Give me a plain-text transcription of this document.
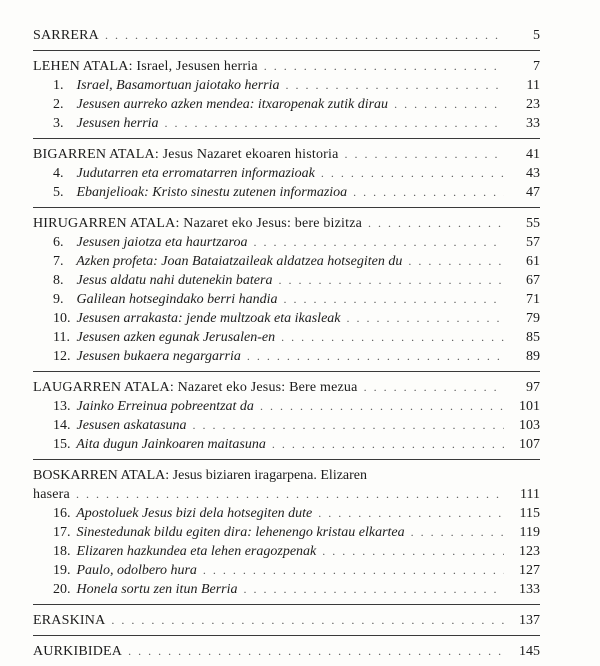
SARRERA . . .	5
LEHEN ATALA: Israel, Jesusen herria . . .	7
1. Israel, Basamortuan jaiotako herria . . .	11
2. Jesusen aurreko azken mendea: itxaropenak zutik dirau . . .	23
3. Jesusen herria . . .	33
BIGARREN ATALA: Jesus Nazaret ekoaren historia . . .	41
4. Judutarren eta erromatarren informazioak . . .	43
5. Ebanjelioak: Kristo sinestu zutenen informazioa . . .	47
HIRUGARREN ATALA: Nazaret eko Jesus: bere bizitza . . .	55
6. Jesusen jaiotza eta haurtzaroa . . .	57
7. Azken profeta: Joan Bataiatzaileak aldatzea hotsegiten du . . .	61
8. Jesus aldatu nahi dutenekin batera . . .	67
9. Galilean hotsegindako berri handia . . .	71
10. Jesusen arrakasta: jende multzoak eta ikasleak . . .	79
11. Jesusen azken egunak Jerusalen-en . . .	85
12. Jesusen bukaera negargarria . . .	89
LAUGARREN ATALA: Nazaret eko Jesus: Bere mezua . . .	97
13. Jainko Erreinua pobreentzat da . . .	101
14. Jesusen askatasuna . . .	103
15. Aita dugun Jainkoaren maitasuna . . .	107
BOSKARREN ATALA: Jesus biziaren iragarpena. Elizaren
hasera . . .	111
16. Apostoluek Jesus bizi dela hotsegiten dute . . .	115
17. Sinestedunak bildu egiten dira: lehenengo kristau elkartea . . .	119
18. Elizaren hazkundea eta lehen eragozpenak . . .	123
19. Paulo, odolbero hura . . .	127
20. Honela sortu zen itun Berria . . .	133
ERASKINA . . .	137
AURKIBIDEA . . .	145
